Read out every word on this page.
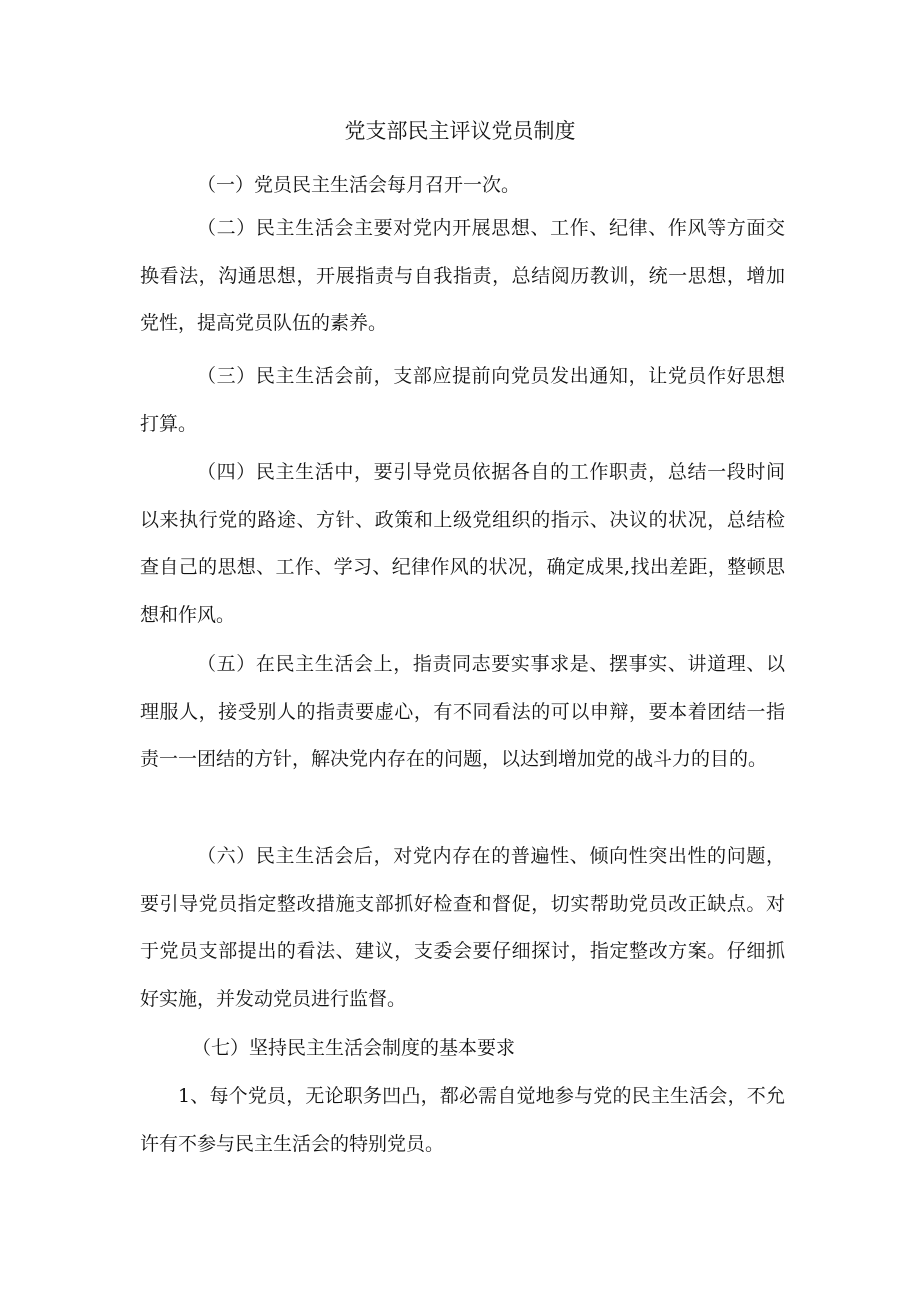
党支部民主评议党员制度

（一）党员民主生活会每月召开一次。

（二）民主生活会主要对党内开展思想、工作、纪律、作风等方面交换看法，沟通思想，开展指责与自我指责，总结阅历教训，统一思想，增加党性，提高党员队伍的素养。

（三）民主生活会前，支部应提前向党员发出通知，让党员作好思想打算。

（四）民主生活中，要引导党员依据各自的工作职责，总结一段时间以来执行党的路途、方针、政策和上级党组织的指示、决议的状况，总结检查自己的思想、工作、学习、纪律作风的状况，确定成果,找出差距，整顿思想和作风。

（五）在民主生活会上，指责同志要实事求是、摆事实、讲道理、以理服人，接受别人的指责要虚心，有不同看法的可以申辩，要本着团结一指责一一团结的方针，解决党内存在的问题，以达到增加党的战斗力的目的。

（六）民主生活会后，对党内存在的普遍性、倾向性突出性的问题，要引导党员指定整改措施支部抓好检查和督促，切实帮助党员改正缺点。对于党员支部提出的看法、建议，支委会要仔细探讨，指定整改方案。仔细抓好实施，并发动党员进行监督。

（七）坚持民主生活会制度的基本要求

1、每个党员，无论职务凹凸，都必需自觉地参与党的民主生活会，不允许有不参与民主生活会的特别党员。
